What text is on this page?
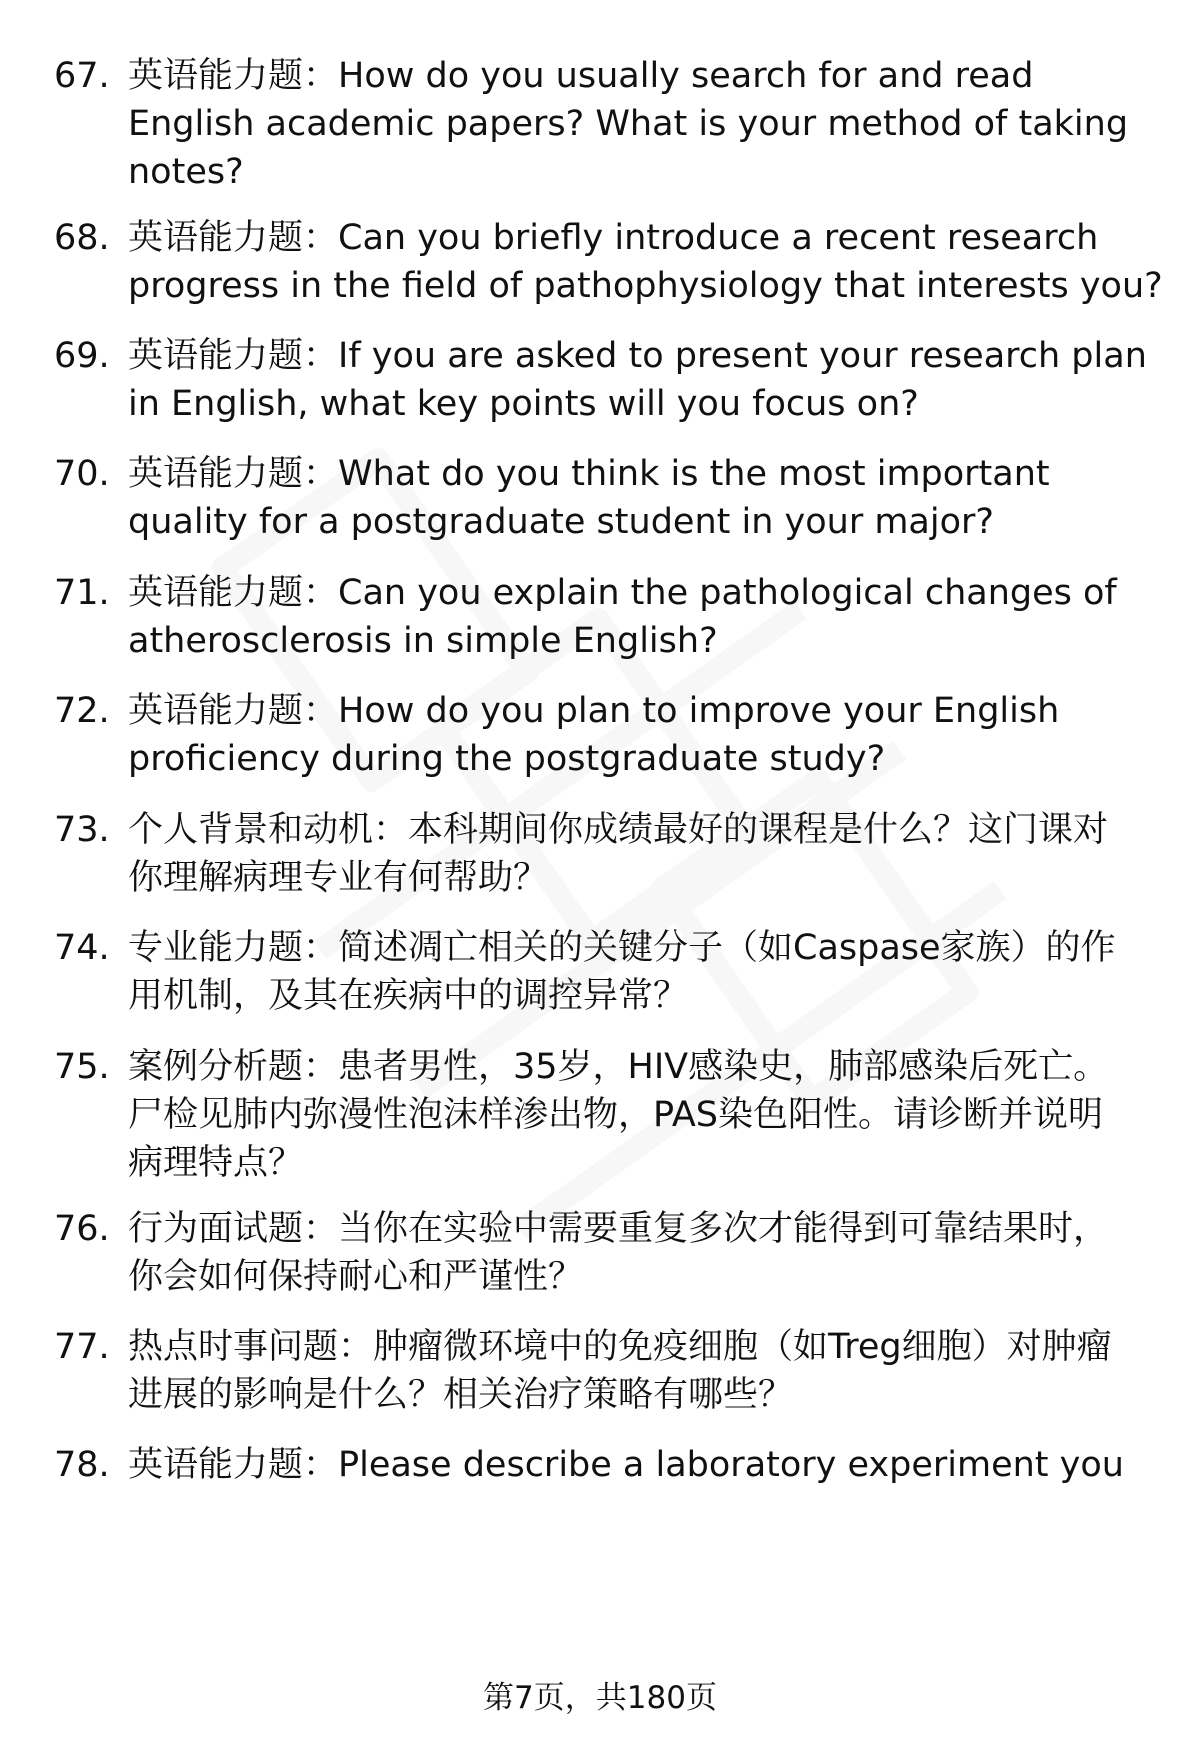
67. 英语能力题：How do you usually search for and read
English academic papers? What is your method of taking
notes?
68. 英语能力题：Can you briefly introduce a recent research
progress in the field of pathophysiology that interests you?
69. 英语能力题：If you are asked to present your research plan
in English, what key points will you focus on?
70. 英语能力题：What do you think is the most important
quality for a postgraduate student in your major?
71. 英语能力题：Can you explain the pathological changes of
atherosclerosis in simple English?
72. 英语能力题：How do you plan to improve your English
proficiency during the postgraduate study?
73. 个人背景和动机：本科期间你成绩最好的课程是什么？这门课对
你理解病理专业有何帮助？
74. 专业能力题：简述凋亡相关的关键分子（如Caspase家族）的作
用机制，及其在疾病中的调控异常？
75. 案例分析题：患者男性，35岁，HIV感染史，肺部感染后死亡。
尸检见肺内弥漫性泡沫样渗出物，PAS染色阳性。请诊断并说明
病理特点？
76. 行为面试题：当你在实验中需要重复多次才能得到可靠结果时，
你会如何保持耐心和严谨性？
77. 热点时事问题：肿瘤微环境中的免疫细胞（如Treg细胞）对肿瘤
进展的影响是什么？相关治疗策略有哪些？
78. 英语能力题：Please describe a laboratory experiment you
第7页，共180页
